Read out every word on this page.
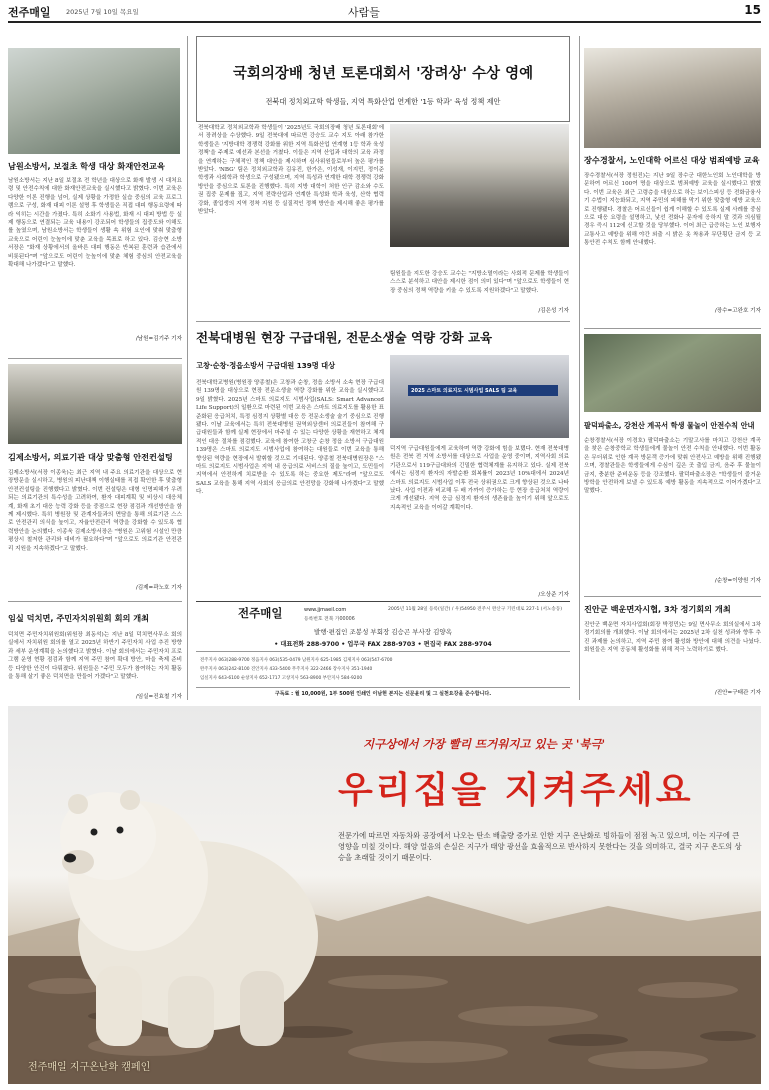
전주매일 2025년 7월 10일 목요일	사람들	15
남원소방서, 보절초 학생 대상 화재안전교육
남원소방서는 지난 8일 보절초 전 학년을 대상으로 화재 발생 시 대처요령 및 안전수칙에 대한 화재안전교육을 실시했다고 밝혔다. 이번 교육은 다양한 이론 진행을 넘어, 실제 상황을 가정한 실습 중심의 교육 프로그램으로 구성, 화재 대피 이론 설명 후 학생들은 직접 대피 행동요령에 따라 익히는 시간을 가졌다. 특히 소화기 사용법, 화재 시 대피 방법 등 실제 행동으로 연결되는 교육 내용이 강조되어 학생들의 집중도와 이해도를 높였으며, 남원소방서는 학생들이 생활 속 위험 요인에 맞춰 맞춤형 교육으로 어린이 눈높이에 맞춘 교육을 목표로 하고 있다. 김승현 소방서장은 "화재 상황에서의 올바른 대피 행동은 반복된 훈련과 습관에서 비롯된다"며 "앞으로도 어린이 눈높이에 맞춘 체험 중심의 안전교육을 확대해 나가겠다"고 말했다.
/남원=김기주 기자
김제소방서, 의료기관 대상 맞춤형 안전컨설팅
김제소방서(서장 이종욱)는 최근 지역 내 주요 의료기관을 대상으로 현장방문을 실시하고, 병원의 피난대책 이행실태를 직접 확인한 후 맞춤형 안전컨설팅을 진행했다고 밝혔다. 이번 컨설팅은 대형 인명피해가 우려되는 의료기관의 특수성을 고려하여, 환자 대피계획 및 비상시 대응체계, 화재 초기 대응 능력 강화 등을 중점으로 현장 점검과 개선방안을 함께 제시했다. 특히 병원장 및 관계자들과의 면담을 통해 의료기관 스스로 안전관리 의식을 높이고, 자율안전관리 역량을 강화할 수 있도록 협력방안을 논의했다. 이종욱 김제소방서장은 "병원은 고위험 시설인 만큼 평상시 철저한 관리와 대비가 필요하다"며 "앞으로도 의료기관 안전관리 지원을 지속하겠다"고 말했다.
/김제=곽노호 기자
임실 덕치면, 주민자치위원회 회의 개최
덕치면 주민자치위원회(위원장 최동석)는 지난 8일 덕치면사무소 회의실에서 자치위원 회의를 열고 2025년 하반기 주민자치 사업 추진 방향과 세부 운영계획을 논의했다고 밝혔다. 이날 회의에서는 주민자치 프로그램 운영 현황 점검과 함께 지역 주민 참여 확대 방안, 마을 축제 준비 등 다양한 안건이 다뤄졌다. 위원들은 "주민 모두가 참여하는 자치 활동을 통해 살기 좋은 덕치면을 만들어 가겠다"고 말했다.
/임실=진효철 기자
국회의장배 청년 토론대회서 '장려상' 수상 영예
전북대 정치외교학 학생들, 지역 특화산업 연계한 '1등 학과' 육성 정책 제안
전북대학교 정치외교학과 학생들이 '2025년도 국회의장배 청년 토론대회'에서 장려상을 수상했다. 9일 전북대에 따르면 강승도 교수 지도 아래 참가한 학생들은 '지방대학 경쟁력 강화를 위한 지역 특화산업 연계형 1등 학과 육성 정책'을 주제로 예선과 본선을 거쳤다. 이들은 지역 산업과 대학의 교육 과정을 연계하는 구체적인 정책 대안을 제시하며 심사위원들로부터 높은 평가를 받았다. 'NBG' 팀은 정치외교학과 김유진, 한가은, 이성재, 이지민, 정이준 학생과 사회학과 학생으로 구성됐으며, 지역 특성과 연계한 대학 경쟁력 강화 방안을 중심으로 토론을 진행했다. 특히 지방 대학이 처한 인구 감소와 수도권 집중 문제를 짚고, 지역 전략산업과 연계한 특성화 학과 육성, 산학 협력 강화, 졸업생의 지역 정착 지원 등 실질적인 정책 방안을 제시해 좋은 평가를 받았다.
팀원들을 지도한 강승도 교수는 "지방소멸이라는 사회적 문제를 학생들이 스스로 분석하고 대안을 제시한 점이 의미 있다"며 "앞으로도 학생들이 현장 중심의 정책 역량을 키울 수 있도록 지원하겠다"고 말했다.
/김은성 기자
전북대병원 현장 구급대원, 전문소생술 역량 강화 교육
고창·순창·정읍소방서 구급대원 139명 대상
전북대학교병원(병원장 양종철)은 고창과 순창, 정읍 소방서 소속 현장 구급대원 139명을 대상으로 현장 전문소생술 역량 강화를 위한 교육을 실시했다고 9일 밝혔다. 2025년 스마트 의료지도 시범사업(SALS: Smart Advanced Life Support)의 일환으로 마련된 이번 교육은 스마트 의료지도를 활용한 표준화된 응급처치, 특정 심정지 상황별 대응 등 전문소생술 술기 중심으로 진행됐다. 이날 교육에서는 특히 전북대병원 권역외상센터 의료진들이 참여해 구급대원들과 함께 실제 현장에서 마주칠 수 있는 다양한 상황을 재현하고 체계적인 대응 절차를 점검했다. 교육에 참여한 고창군 순창 정읍 소방서 구급대원 139명은 스마트 의료지도 시범사업에 참여하는 대원들로 이번 교육을 통해 향상된 역량을 현장에서 발휘할 것으로 기대된다. 양종철 전북대병원장은 "스마트 의료지도 시범사업은 지역 내 응급의료 서비스의 질을 높이고, 도민들이 지역에서 안전하게 치료받을 수 있도록 하는 중요한 제도"라며 "앞으로도 SALS 교육을 통해 지역 사회의 응급의료 안전망을 강화해 나가겠다"고 말했다.
2025 스마트 의료지도 시범사업 SALS 팀 교육
덕지역 구급대원들에게 교육하며 역량 강화에 힘을 보탰다. 현재 전북대병원은 전북 전 지역 소방서를 대상으로 사업을 운영 중이며, 지역사회 의료기관으로서 119구급대와의 긴밀한 협력체계를 유지하고 있다. 실제 전북에서는 심정지 환자의 자발순환 회복률이 2023년 10%대에서 2024년 스마트 의료지도 시범사업 이후 전국 상위권으로 크게 향상된 것으로 나타났다. 사업 이전과 비교해 두 배 가까이 증가하는 등 현장 응급처치 역량이 크게 개선됐다. 지역 응급 심정지 환자의 생존율을 높이기 위해 앞으로도 지속적인 교육을 이어갈 계획이다.
/오상준 기자
전주매일	www.jjmaeil.com
등록번호 전북 가00006
2005년 11월 28일 등록(일간) / 우)54950 전주시 완산구 기린대로 227-1 (서노송동)
발행·편집인 조봉성 부회장 김승곤 부사장 김양옥
• 대표전화 288-9700 • 업무국 FAX 288-9703 • 편집국 FAX 288-9704
전주지사 063)288-9700 정읍지사 063)535-0479 남원지사 625-1985 김제지사 063)547-6700
완주지사 063)242-8100 진안지사 433-5400 무주지사 322-2466 장수지사 351-1940
임실지사 643-6100 순창지사 652-1717 고창지사 563-8900 부안지사 584-9200
구독료 : 월 10,000원, 1부 500원 인쇄인 이남현 본지는 신문윤리 및 그 실천요강을 준수합니다.
장수경찰서, 노인대학 어르신 대상 범죄예방 교육
장수경찰서(서장 정원진)는 지난 9일 장수군 대한노인회 노인대학을 방문하여 어르신 100여 명을 대상으로 범죄예방 교육을 실시했다고 밝혔다. 이번 교육은 최근 고령층을 대상으로 하는 보이스피싱 등 전화금융사기 수법이 지능화되고, 지역 주민의 피해를 막기 위한 맞춤형 예방 교육으로 진행됐다. 경찰은 어르신들이 쉽게 이해할 수 있도록 실제 사례를 중심으로 대응 요령을 설명하고, 낯선 전화나 문자에 응하지 말 것과 의심될 경우 즉시 112에 신고할 것을 당부했다. 이어 최근 급증하는 노인 보행자 교통사고 예방을 위해 야간 외출 시 밝은 옷 착용과 무단횡단 금지 등 교통안전 수칙도 함께 안내했다.
/장수=고완호 기자
팔덕파출소, 강천산 계곡서 학생 물놀이 안전수칙 안내
순창경찰서(서장 이경호) 팔덕파출소는 기말고사를 마치고 강천산 계곡을 찾은 순창중학교 학생들에게 물놀이 안전 수칙을 안내했다. 이번 활동은 무더위로 인한 계곡 방문객 증가에 맞춰 안전사고 예방을 위해 진행됐으며, 경찰관들은 학생들에게 수심이 깊은 곳 출입 금지, 음주 후 물놀이 금지, 충분한 준비운동 등을 강조했다. 팔덕파출소장은 "학생들이 즐거운 방학을 안전하게 보낼 수 있도록 예방 활동을 지속적으로 이어가겠다"고 말했다.
/순창=이양원 기자
진안군 백운면자시협, 3차 정기회의 개최
진안군 백운면 자치사업회(회장 박정민)는 9일 면사무소 회의실에서 3차 정기회의를 개최했다. 이날 회의에서는 2025년 2차 실천 성과와 향후 추진 과제를 논의하고, 지역 주민 참여 활성화 방안에 대해 의견을 나눴다. 회원들은 지역 공동체 활성화를 위해 적극 노력하기로 했다.
/진안=구태관 기자
지구상에서 가장 빨리 뜨거워지고 있는 곳 '북극'
우리집을 지켜주세요
전문가에 따르면 자동차와 공장에서 나오는 탄소 배출량 증가로 인한 지구 온난화로 빙하들이 점점 녹고 있으며, 이는 지구에 큰 영향을 미칠 것이다. 해양 얼음의 손실은 지구가 태양 광선을 효율적으로 반사하지 못한다는 것을 의미하고, 결국 지구 온도의 상승을 초래할 것이기 때문이다.
전주매일 지구온난화 캠페인
